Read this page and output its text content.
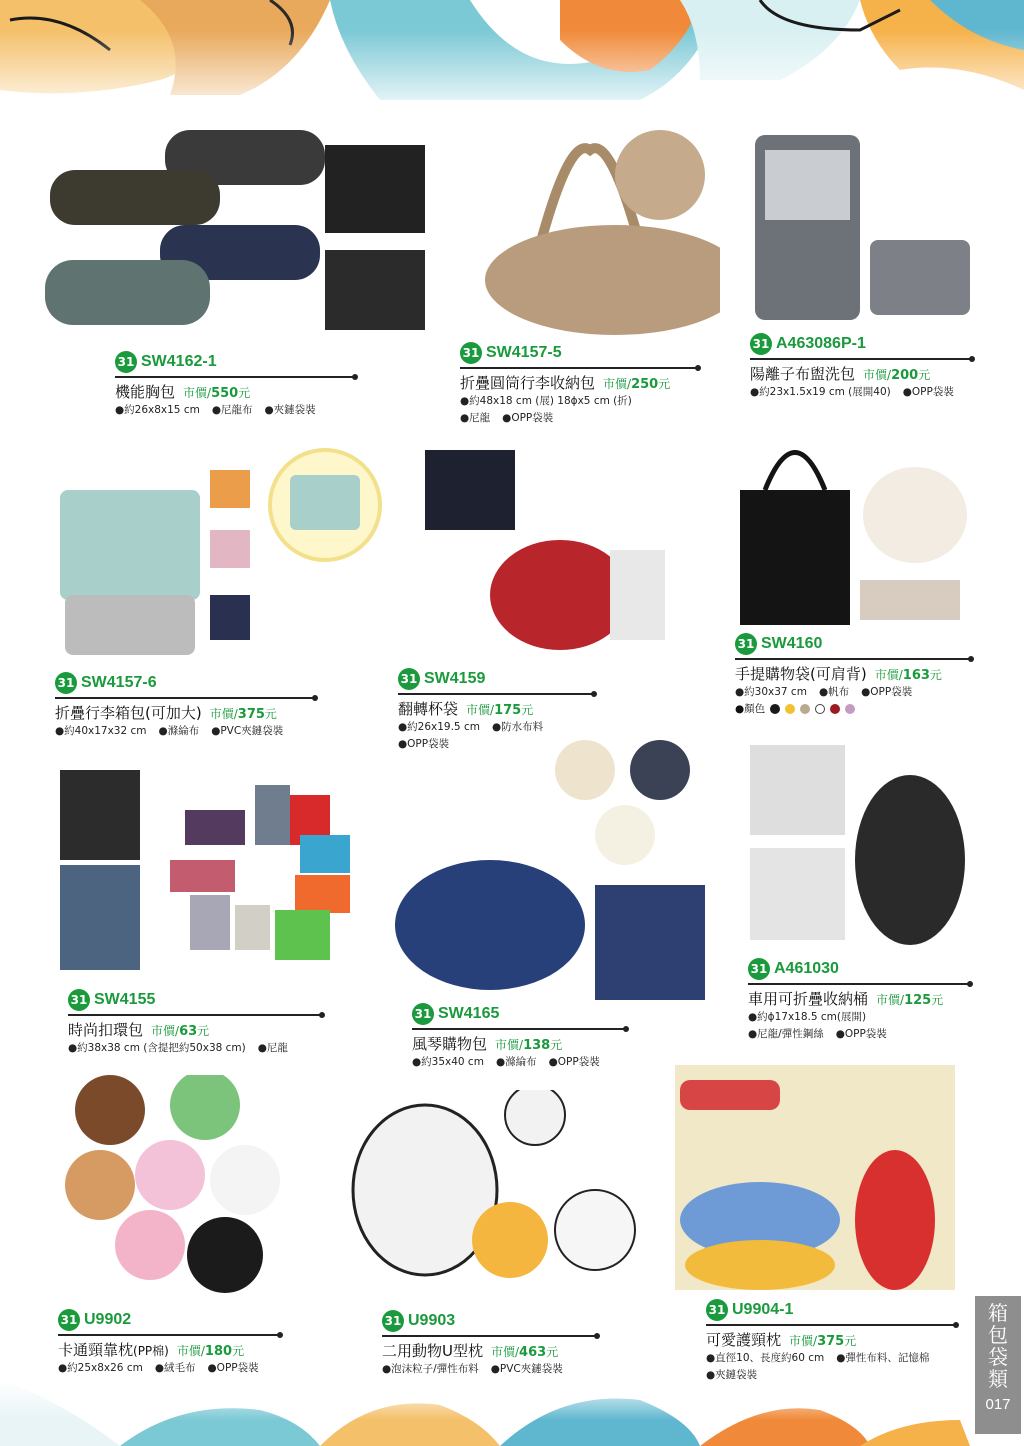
31 SW4162-1
機能胸包 市價 / 550 元
●約26x8x15 cm ●尼龍布 ●夾鏈袋裝
31 SW4157-5
折疊圓筒行李收納包 市價 / 250 元
●約48x18 cm (展) 18ϕx5 cm (折)
●尼龍 ●OPP袋裝
31 A463086P-1
陽離子布盥洗包 市價 / 200 元
●約23x1.5x19 cm (展開40) ●OPP袋裝
31 SW4157-6
折疊行李箱包(可加大) 市價 / 375 元
●約40x17x32 cm ●滌綸布 ●PVC夾鏈袋裝
31 SW4159
翻轉杯袋 市價 / 175 元
●約26x19.5 cm ●防水布料
●OPP袋裝
31 SW4160
手提購物袋(可肩背) 市價 / 163 元
●約30x37 cm ●帆布 ●OPP袋裝
●顏色
31 SW4155
時尚扣環包 市價 / 63 元
●約38x38 cm (含提把約50x38 cm) ●尼龍
31 SW4165
風琴購物包 市價 / 138 元
●約35x40 cm ●滌綸布 ●OPP袋裝
31 A461030
車用可折疊收納桶 市價 / 125 元
●約ϕ17x18.5 cm(展開)
●尼龍/彈性鋼絲 ●OPP袋裝
31 U9902
卡通頸靠枕 (PP棉) 市價 / 180 元
●約25x8x26 cm ●絨毛布 ●OPP袋裝
31 U9903
二用動物U型枕 市價 / 463 元
●泡沫粒子/彈性布料 ●PVC夾鏈袋裝
31 U9904-1
可愛護頸枕 市價 / 375 元
●直徑10、長度約60 cm ●彈性布料、記憶棉
●夾鏈袋裝
箱包袋類
017
